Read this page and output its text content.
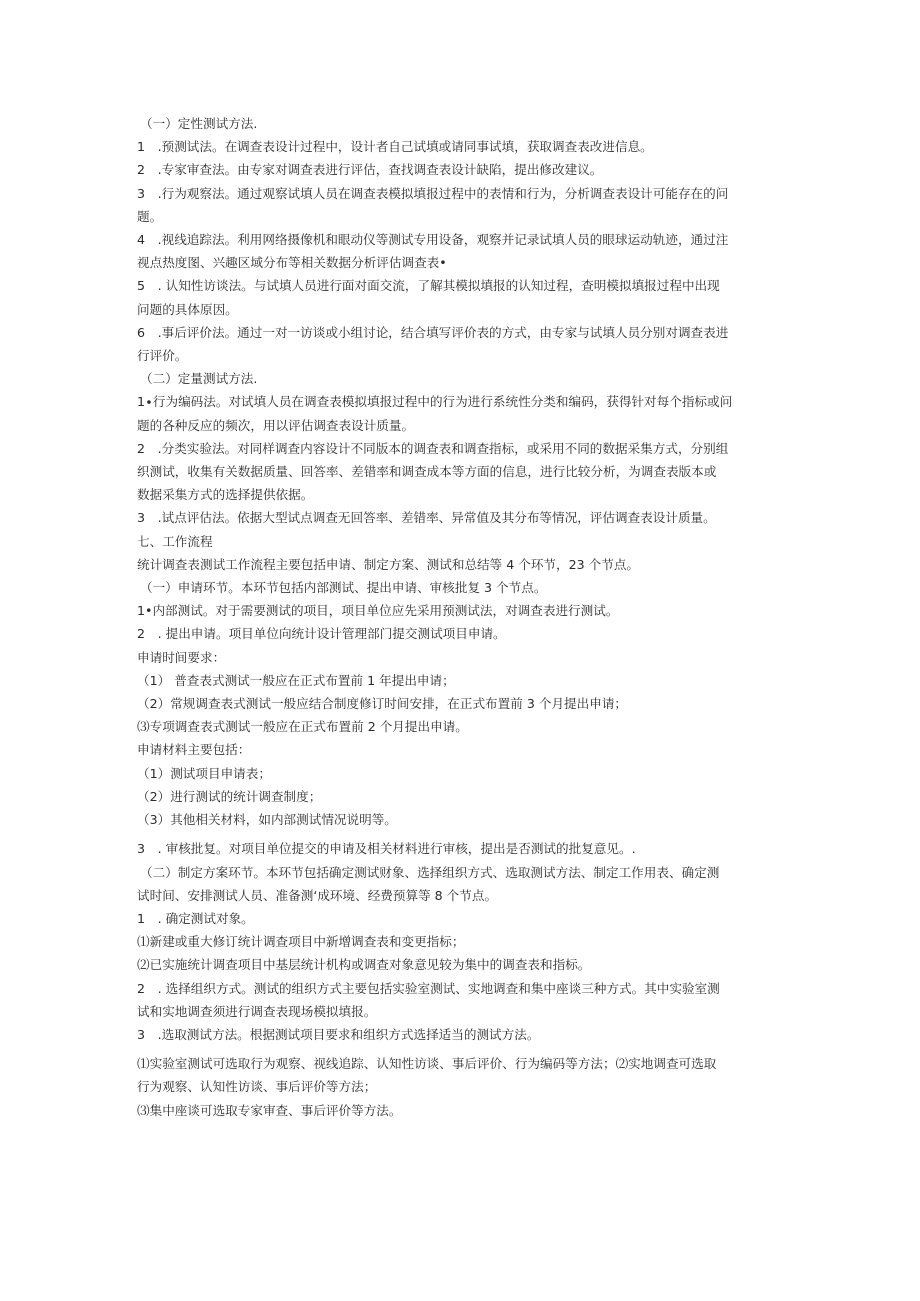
（一）定性测试方法.

1　.预测试法。在调查表设计过程中，设计者自己试填或请同事试填，获取调查表改进信息。

2　.专家审查法。由专家对调查表进行评估，查找调查表设计缺陷，提出修改建议。

3　.行为观察法。通过观察试填人员在调查表模拟填报过程中的表情和行为，分析调查表设计可能存在的问

题。

4　.视线追踪法。利用网络摄像机和眼动仪等测试专用设备，观察并记录试填人员的眼球运动轨迹，通过注

视点热度图、兴趣区域分布等相关数据分析评估调查表•

5　. 认知性访谈法。与试填人员进行面对面交流，了解其模拟填报的认知过程，查明模拟填报过程中出现

问题的具体原因。

6　.事后评价法。通过一对一访谈或小组讨论，结合填写评价表的方式，由专家与试填人员分别对调查表进

行评价。

（二）定量测试方法.

1∙行为编码法。对试填人员在调查表模拟填报过程中的行为进行系统性分类和编码，获得针对每个指标或问

题的各种反应的频次，用以评估调查表设计质量。

2　.分类实验法。对同样调查内容设计不同版本的调查表和调查指标，或采用不同的数据采集方式，分别组

织测试，收集有关数据质量、回答率、差错率和调查成本等方面的信息，进行比较分析，为调查表版本或

数据采集方式的选择提供依据。

3　.试点评估法。依据大型试点调查无回答率、差错率、异常值及其分布等情况，评估调查表设计质量。

七、工作流程

统计调查表测试工作流程主要包括申请、制定方案、测试和总结等 4 个环节，23 个节点。

（一）申请环节。本环节包括内部测试、提出申请、审核批复 3 个节点。

1•内部测试。对于需要测试的项目，项目单位应先采用预测试法，对调查表进行测试。

2　. 提出申请。项目单位向统计设计管理部门提交测试项目申请。

申请时间要求：

（1） 普查表式测试一般应在正式布置前 1 年提出申请；

（2）常规调查表式测试一般应结合制度修订时间安排，在正式布置前 3 个月提出申请；

⑶专项调查表式测试一般应在正式布置前 2 个月提出申请。

申请材料主要包括：

（1）测试项目申请表；

（2）进行测试的统计调查制度；

（3）其他相关材料，如内部测试情况说明等。

3　. 审核批复。对项目单位提交的申请及相关材料进行审核，提出是否测试的批复意见。.

（二）制定方案环节。本环节包括确定测试财象、选择组织方式、选取测试方法、制定工作用表、确定测

试时间、安排测试人员、准备测‘成环境、经费预算等 8 个节点。

1　. 确定测试对象。

⑴新建或重大修订统计调查项目中新增调查表和变更指标；

⑵已实施统计调查项目中基层统计机构或调查对象意见较为集中的调查表和指标。

2　. 选择组织方式。测试的组织方式主要包括实验室测试、实地调查和集中座谈三种方式。其中实验室测

试和实地调查须进行调查表现场模拟填报。

3　.选取测试方法。根据测试项目要求和组织方式选择适当的测试方法。

⑴实验室测试可选取行为观察、视线追踪、认知性访谈、事后评价、行为编码等方法；⑵实地调查可选取

行为观察、认知性访谈、事后评价等方法；

⑶集中座谈可选取专家审查、事后评价等方法。
